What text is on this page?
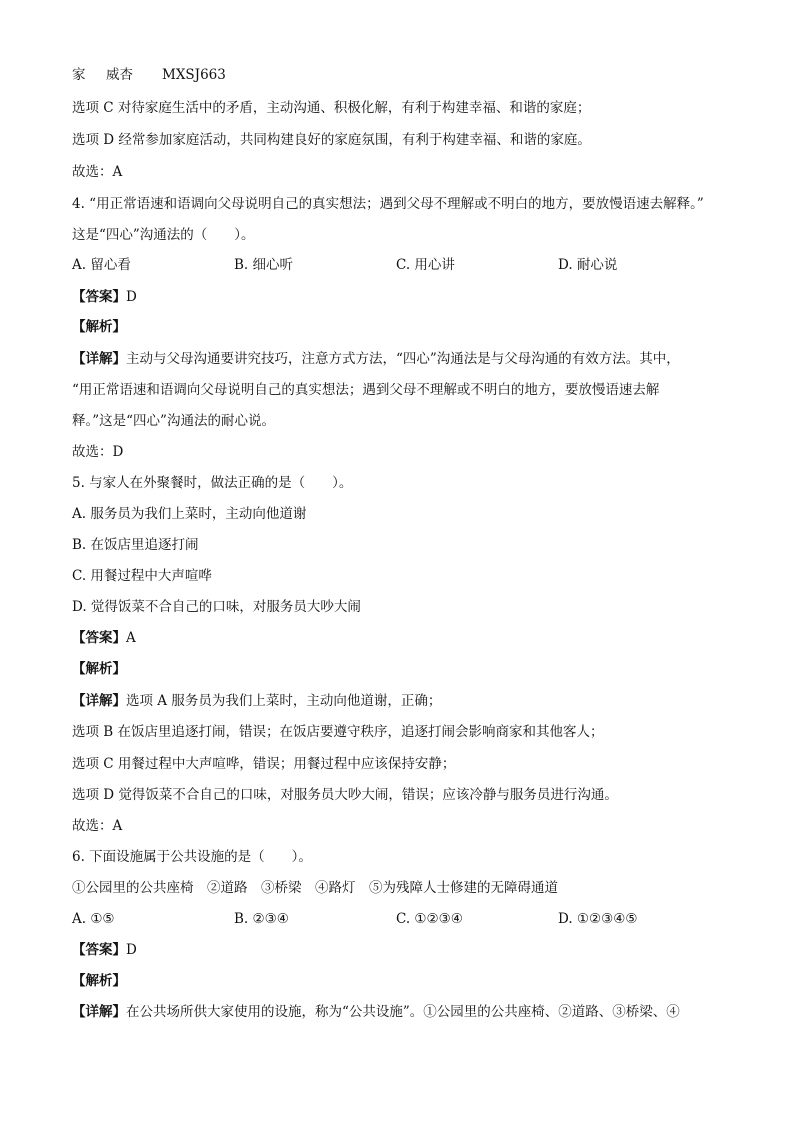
家	威杏	MXSJ663
选项 C 对待家庭生活中的矛盾，主动沟通、积极化解，有利于构建幸福、和谐的家庭；
选项 D 经常参加家庭活动，共同构建良好的家庭氛围，有利于构建幸福、和谐的家庭。
故选：A
4. “用正常语速和语调向父母说明自己的真实想法；遇到父母不理解或不明白的地方，要放慢语速去解释。”
这是“四心”沟通法的（　　）。
A. 留心看	B. 细心听	C. 用心讲	D. 耐心说
【答案】D
【解析】
【详解】主动与父母沟通要讲究技巧，注意方式方法，“四心”沟通法是与父母沟通的有效方法。其中，
“用正常语速和语调向父母说明自己的真实想法；遇到父母不理解或不明白的地方，要放慢语速去解
释。”这是“四心”沟通法的耐心说。
故选：D
5. 与家人在外聚餐时，做法正确的是（　　）。
A. 服务员为我们上菜时，主动向他道谢
B. 在饭店里追逐打闹
C. 用餐过程中大声喧哗
D. 觉得饭菜不合自己的口味，对服务员大吵大闹
【答案】A
【解析】
【详解】选项 A 服务员为我们上菜时，主动向他道谢，正确；
选项 B 在饭店里追逐打闹，错误；在饭店要遵守秩序，追逐打闹会影响商家和其他客人；
选项 C 用餐过程中大声喧哗，错误；用餐过程中应该保持安静；
选项 D 觉得饭菜不合自己的口味，对服务员大吵大闹，错误；应该冷静与服务员进行沟通。
故选：A
6. 下面设施属于公共设施的是（　　）。
①公园里的公共座椅　②道路　③桥梁　④路灯　⑤为残障人士修建的无障碍通道
A. ①⑤	B. ②③④	C. ①②③④	D. ①②③④⑤
【答案】D
【解析】
【详解】在公共场所供大家使用的设施，称为“公共设施”。①公园里的公共座椅、②道路、③桥梁、④
